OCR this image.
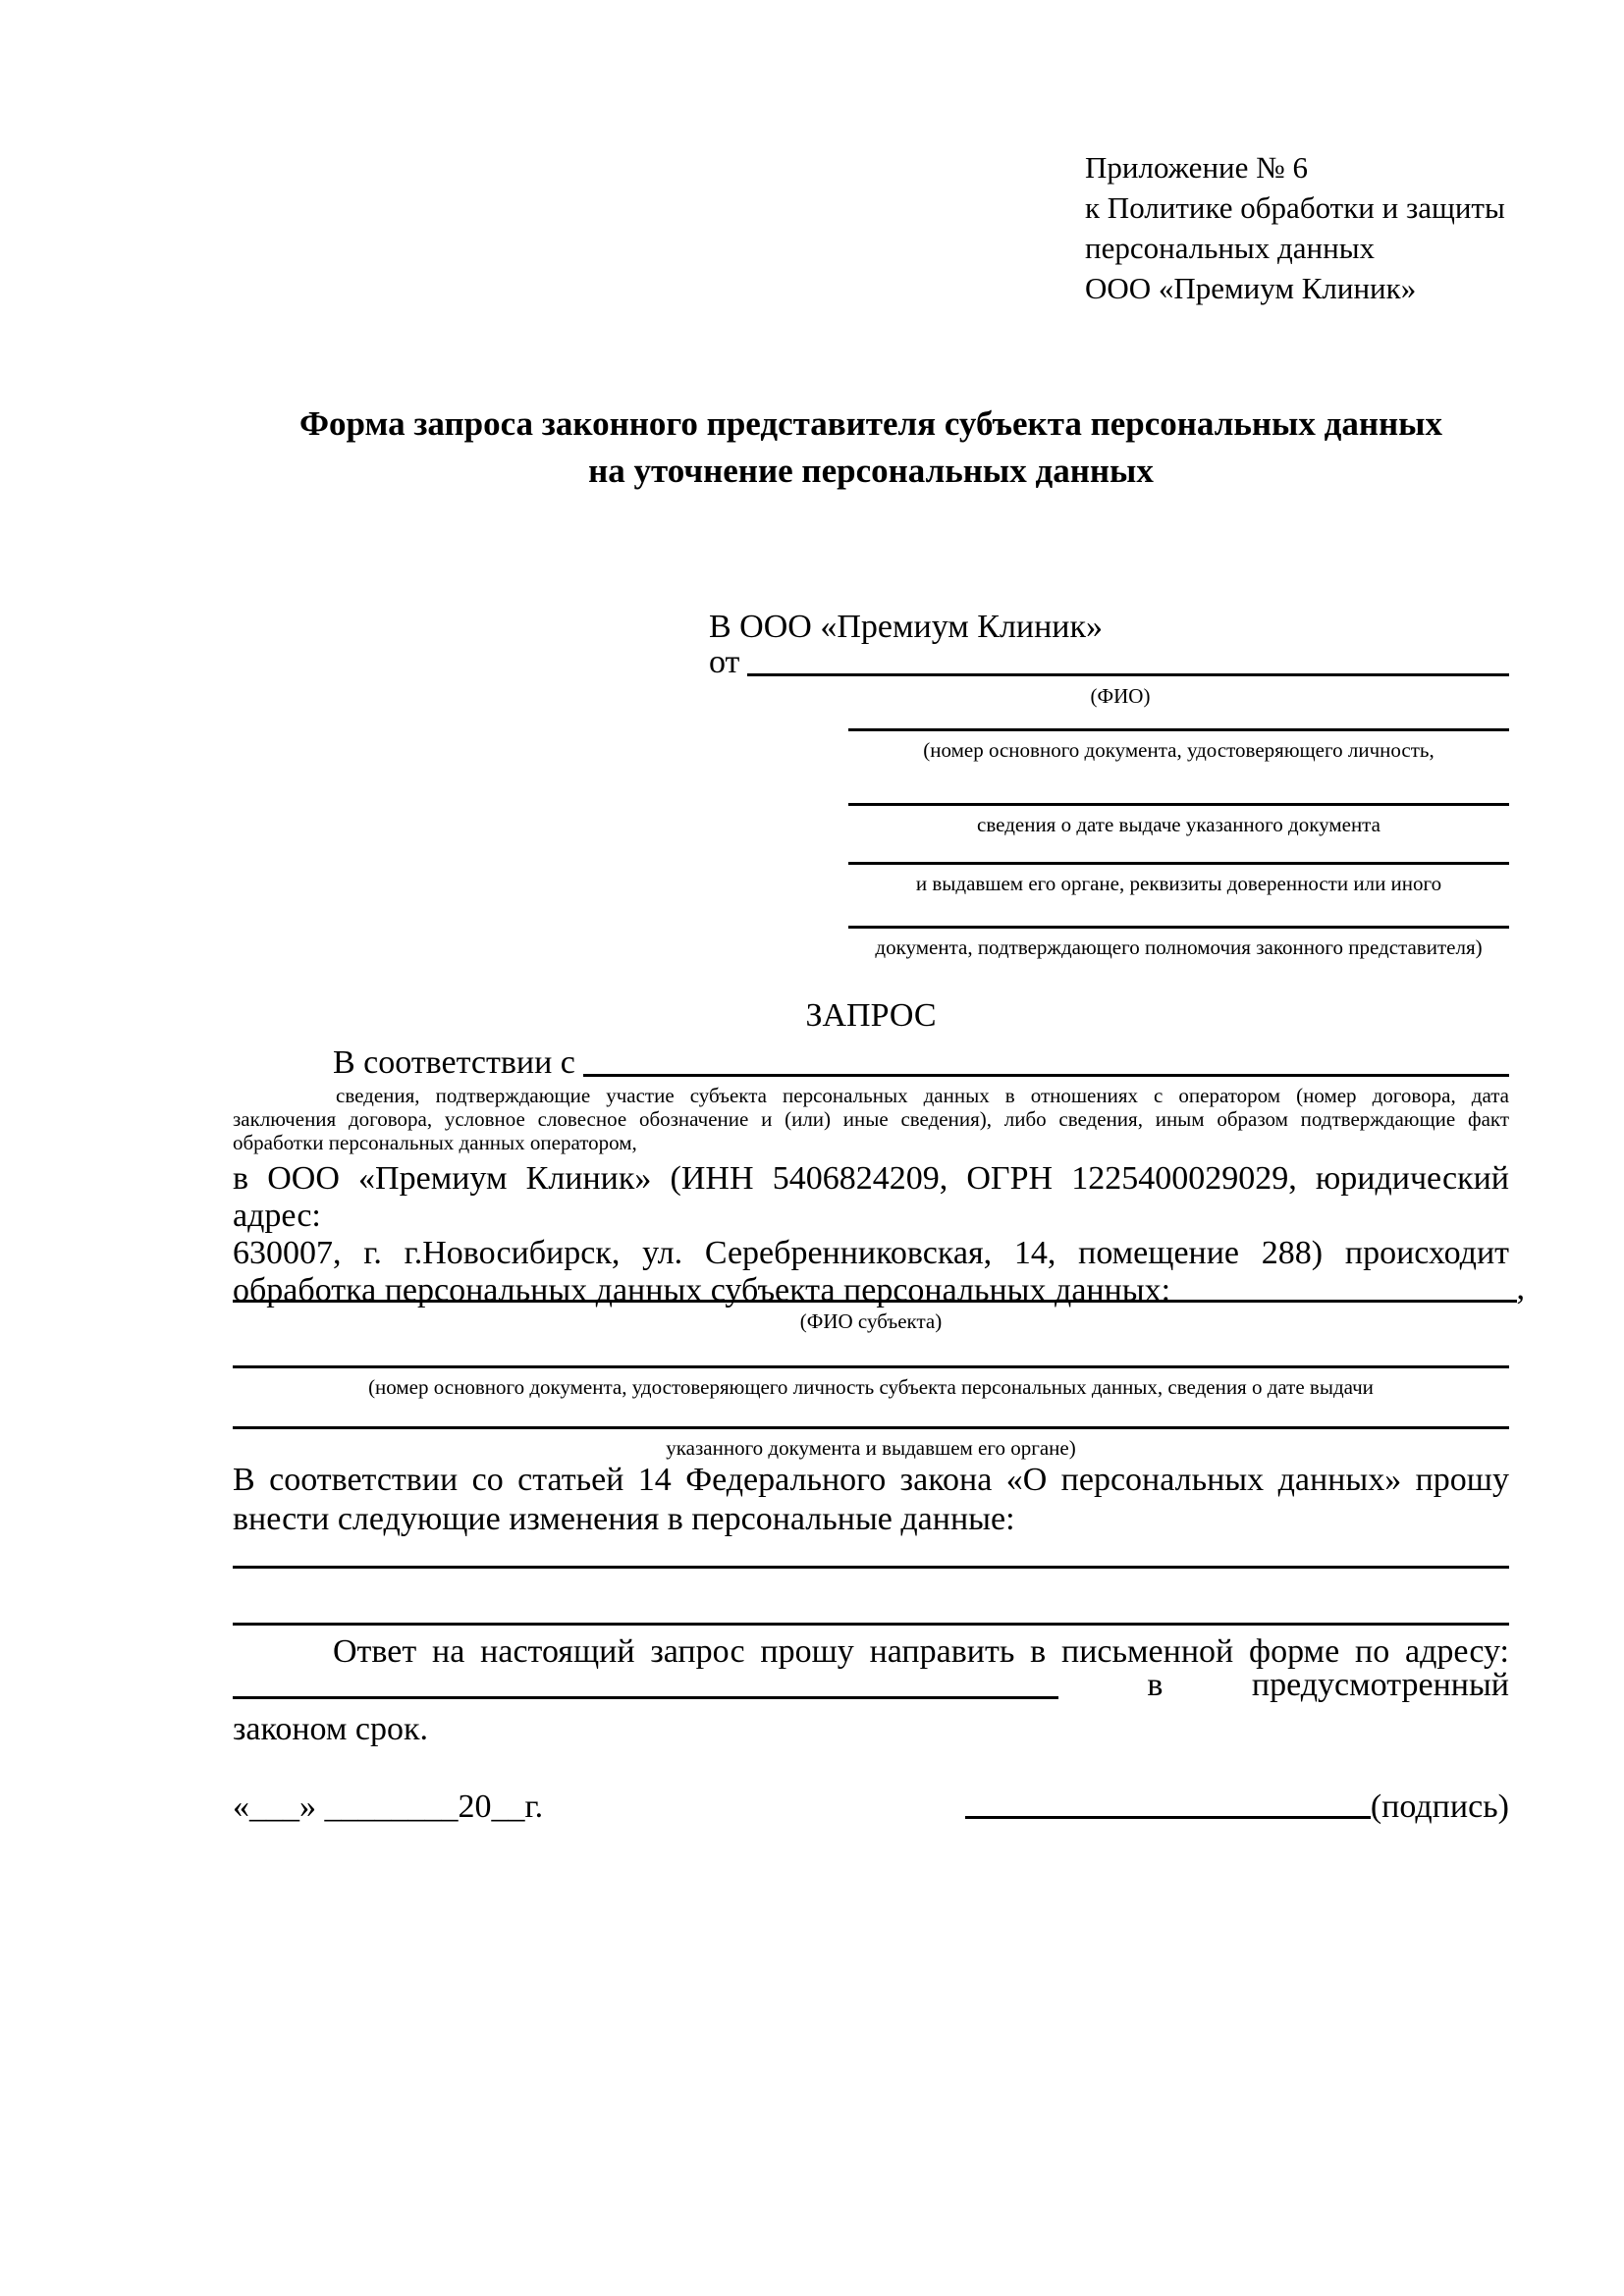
Приложение № 6
к Политике обработки и защиты
персональных данных
ООО «Премиум Клиник»
Форма запроса законного представителя субъекта персональных данных
на уточнение персональных данных
В ООО «Премиум Клиник»
от
(ФИО)
(номер основного документа, удостоверяющего личность,
сведения о дате выдаче указанного документа
и выдавшем его органе, реквизиты доверенности или иного
документа, подтверждающего полномочия законного представителя)
ЗАПРОС
В соответствии с
сведения, подтверждающие участие субъекта персональных данных в отношениях с оператором (номер договора, дата
заключения договора, условное словесное обозначение и (или) иные сведения), либо сведения, иным образом подтверждающие факт
обработки персональных данных оператором,
в ООО «Премиум Клиник» (ИНН 5406824209, ОГРН 1225400029029, юридический адрес:
630007, г. г.Новосибирск, ул. Серебренниковская, 14, помещение 288) происходит
обработка персональных данных субъекта персональных данных:	,
(ФИО субъекта)
(номер основного документа, удостоверяющего личность субъекта персональных данных, сведения о дате выдачи
указанного документа и выдавшем его органе)
В соответствии со статьей 14 Федерального закона «О персональных данных» прошу
внести следующие изменения в персональные данные:
Ответ на настоящий запрос прошу направить в письменной форме по адресу:
в	предусмотренный
законом срок.
«___» ________20__г.	(подпись)
